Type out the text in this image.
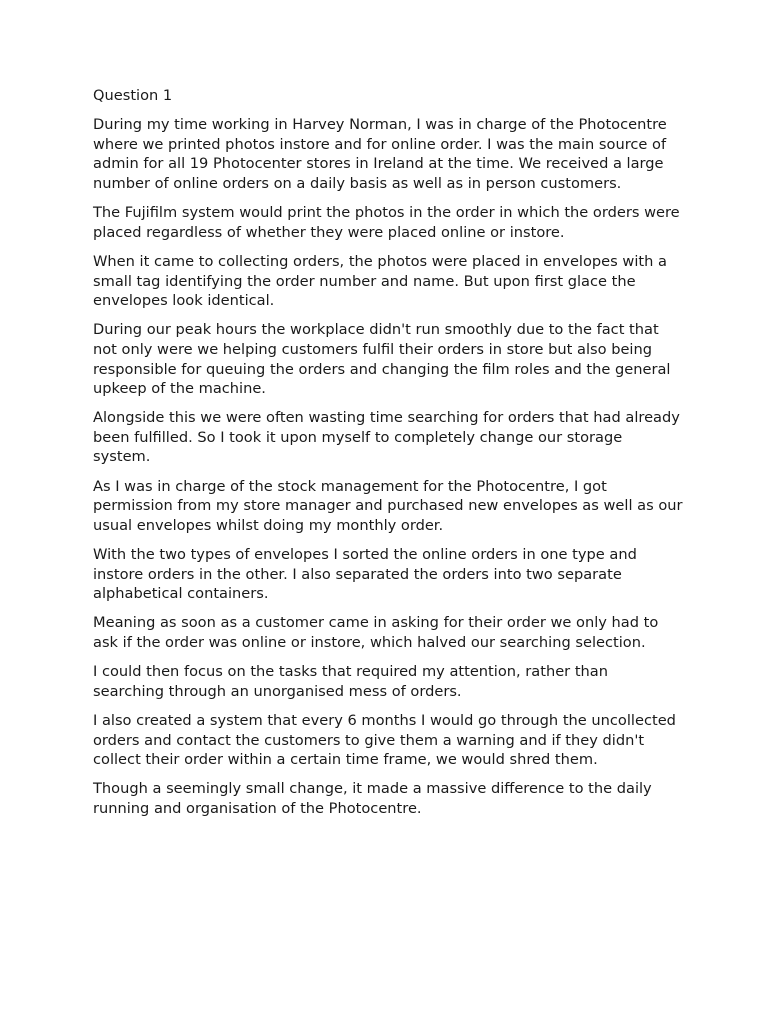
Question 1

During my time working in Harvey Norman, I was in charge of the Photocentre where we printed photos instore and for online order. I was the main source of admin for all 19 Photocenter stores in Ireland at the time. We received a large number of online orders on a daily basis as well as in person customers.

The Fujifilm system would print the photos in the order in which the orders were placed regardless of whether they were placed online or instore.

When it came to collecting orders, the photos were placed in envelopes with a small tag identifying the order number and name. But upon first glace the envelopes look identical.

During our peak hours the workplace didn't run smoothly due to the fact that not only were we helping customers fulfil their orders in store but also being responsible for queuing the orders and changing the film roles and the general upkeep of the machine.

Alongside this we were often wasting time searching for orders that had already been fulfilled. So I took it upon myself to completely change our storage system.

As I was in charge of the stock management for the Photocentre, I got permission from my store manager and purchased new envelopes as well as our usual envelopes whilst doing my monthly order.

With the two types of envelopes I sorted the online orders in one type and instore orders in the other. I also separated the orders into two separate alphabetical containers.

Meaning as soon as a customer came in asking for their order we only had to ask if the order was online or instore, which halved our searching selection.

I could then focus on the tasks that required my attention, rather than searching through an unorganised mess of orders.

I also created a system that every 6 months I would go through the uncollected orders and contact the customers to give them a warning and if they didn't collect their order within a certain time frame, we would shred them.

Though a seemingly small change, it made a massive difference to the daily running and organisation of the Photocentre.
